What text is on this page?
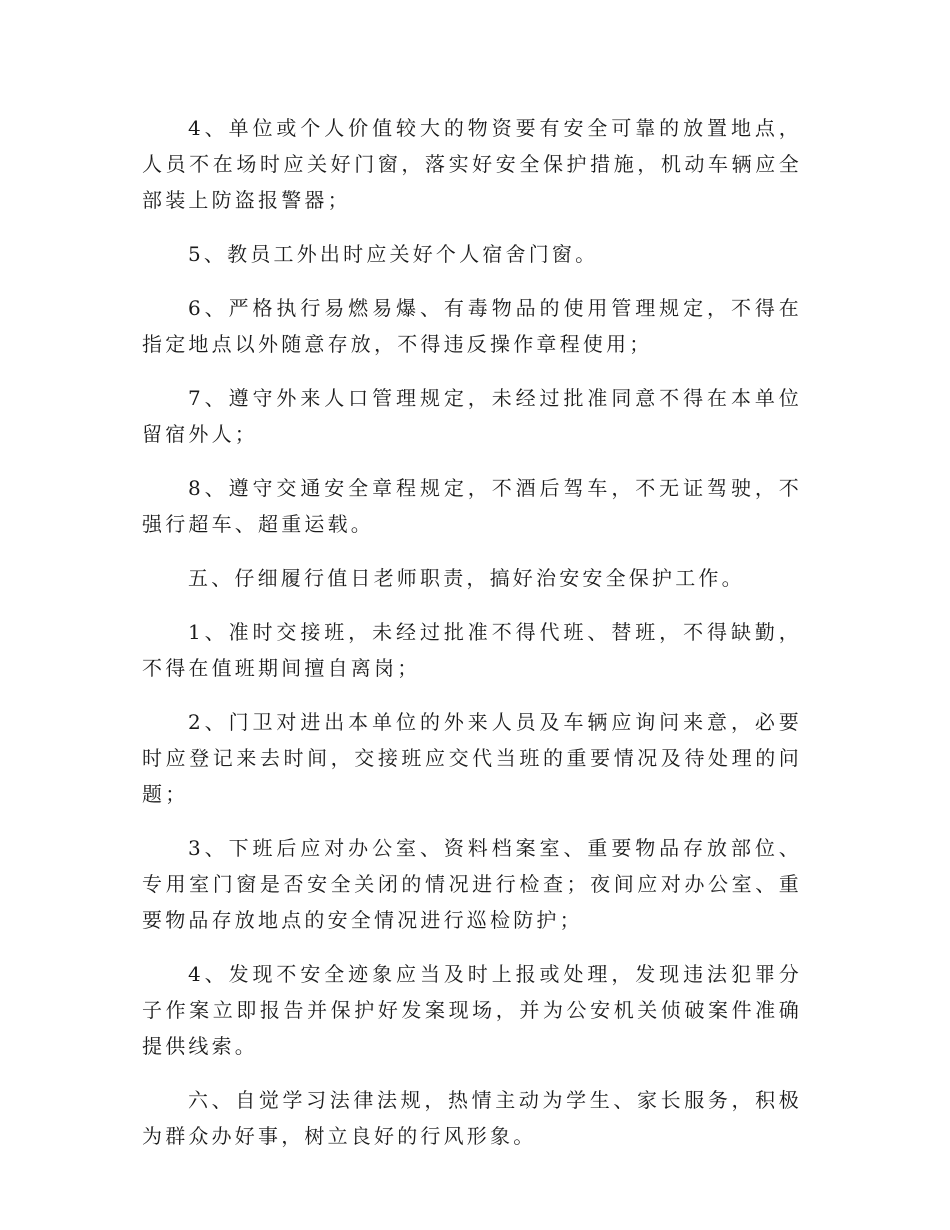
4、单位或个人价值较大的物资要有安全可靠的放置地点，人员不在场时应关好门窗，落实好安全保护措施，机动车辆应全部装上防盗报警器；

5、教员工外出时应关好个人宿舍门窗。

6、严格执行易燃易爆、有毒物品的使用管理规定，不得在指定地点以外随意存放，不得违反操作章程使用；

7、遵守外来人口管理规定，未经过批准同意不得在本单位留宿外人；

8、遵守交通安全章程规定，不酒后驾车，不无证驾驶，不强行超车、超重运载。

五、仔细履行值日老师职责，搞好治安安全保护工作。

1、准时交接班，未经过批准不得代班、替班，不得缺勤，不得在值班期间擅自离岗；

2、门卫对进出本单位的外来人员及车辆应询问来意，必要时应登记来去时间，交接班应交代当班的重要情况及待处理的问题；

3、下班后应对办公室、资料档案室、重要物品存放部位、专用室门窗是否安全关闭的情况进行检查；夜间应对办公室、重要物品存放地点的安全情况进行巡检防护；

4、发现不安全迹象应当及时上报或处理，发现违法犯罪分子作案立即报告并保护好发案现场，并为公安机关侦破案件准确提供线索。

六、自觉学习法律法规，热情主动为学生、家长服务，积极为群众办好事，树立良好的行风形象。
